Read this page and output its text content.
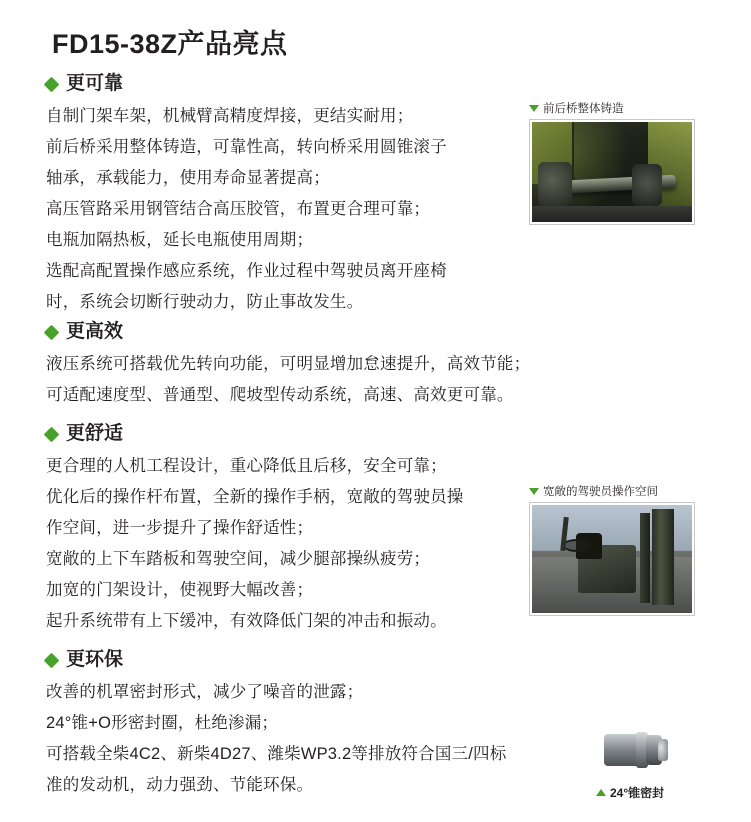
FD15-38Z产品亮点
更可靠
自制门架车架，机械臂高精度焊接，更结实耐用；
前后桥采用整体铸造，可靠性高，转向桥采用圆锥滚子
轴承，承载能力，使用寿命显著提高；
高压管路采用钢管结合高压胶管，布置更合理可靠；
电瓶加隔热板，延长电瓶使用周期；
选配高配置操作感应系统，作业过程中驾驶员离开座椅
时，系统会切断行驶动力，防止事故发生。
更高效
液压系统可搭载优先转向功能，可明显增加怠速提升，高效节能；
可适配速度型、普通型、爬坡型传动系统，高速、高效更可靠。
更舒适
更合理的人机工程设计，重心降低且后移，安全可靠；
优化后的操作杆布置，全新的操作手柄，宽敞的驾驶员操
作空间，进一步提升了操作舒适性；
宽敞的上下车踏板和驾驶空间，减少腿部操纵疲劳；
加宽的门架设计，使视野大幅改善；
起升系统带有上下缓冲，有效降低门架的冲击和振动。
更环保
改善的机罩密封形式，减少了噪音的泄露；
24°锥+O形密封圈，杜绝渗漏；
可搭载全柴4C2、新柴4D27、潍柴WP3.2等排放符合国三/四标
准的发动机，动力强劲、节能环保。
前后桥整体铸造
宽敞的驾驶员操作空间
24°锥密封
